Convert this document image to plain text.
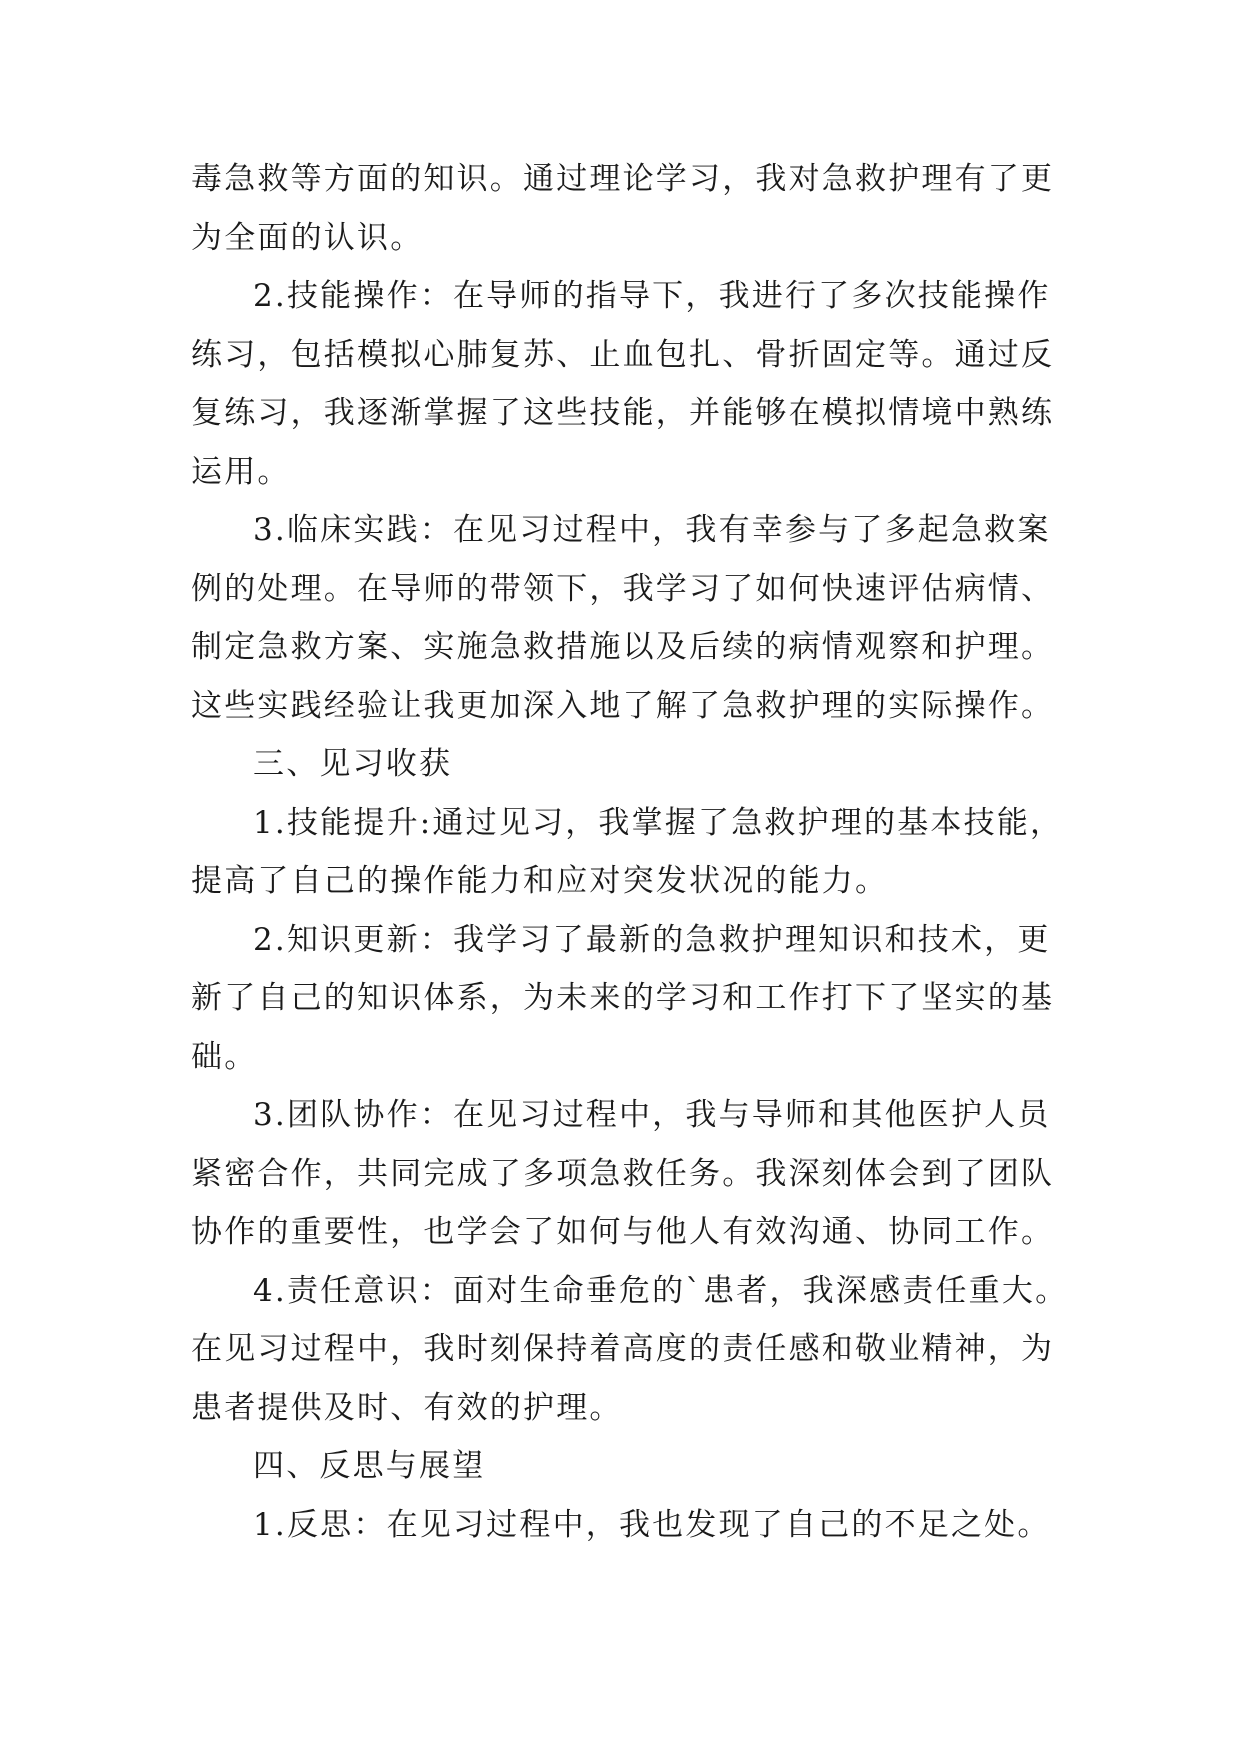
毒急救等方面的知识。通过理论学习，我对急救护理有了更
为全面的认识。
2.技能操作：在导师的指导下，我进行了多次技能操作
练习，包括模拟心肺复苏、止血包扎、骨折固定等。通过反
复练习，我逐渐掌握了这些技能，并能够在模拟情境中熟练
运用。
3.临床实践：在见习过程中，我有幸参与了多起急救案
例的处理。在导师的带领下，我学习了如何快速评估病情、
制定急救方案、实施急救措施以及后续的病情观察和护理。
这些实践经验让我更加深入地了解了急救护理的实际操作。
三、见习收获
1.技能提升:通过见习，我掌握了急救护理的基本技能，
提高了自己的操作能力和应对突发状况的能力。
2.知识更新：我学习了最新的急救护理知识和技术，更
新了自己的知识体系，为未来的学习和工作打下了坚实的基
础。
3.团队协作：在见习过程中，我与导师和其他医护人员
紧密合作，共同完成了多项急救任务。我深刻体会到了团队
协作的重要性，也学会了如何与他人有效沟通、协同工作。
4.责任意识：面对生命垂危的`患者，我深感责任重大。
在见习过程中，我时刻保持着高度的责任感和敬业精神，为
患者提供及时、有效的护理。
四、反思与展望
1.反思：在见习过程中，我也发现了自己的不足之处。
